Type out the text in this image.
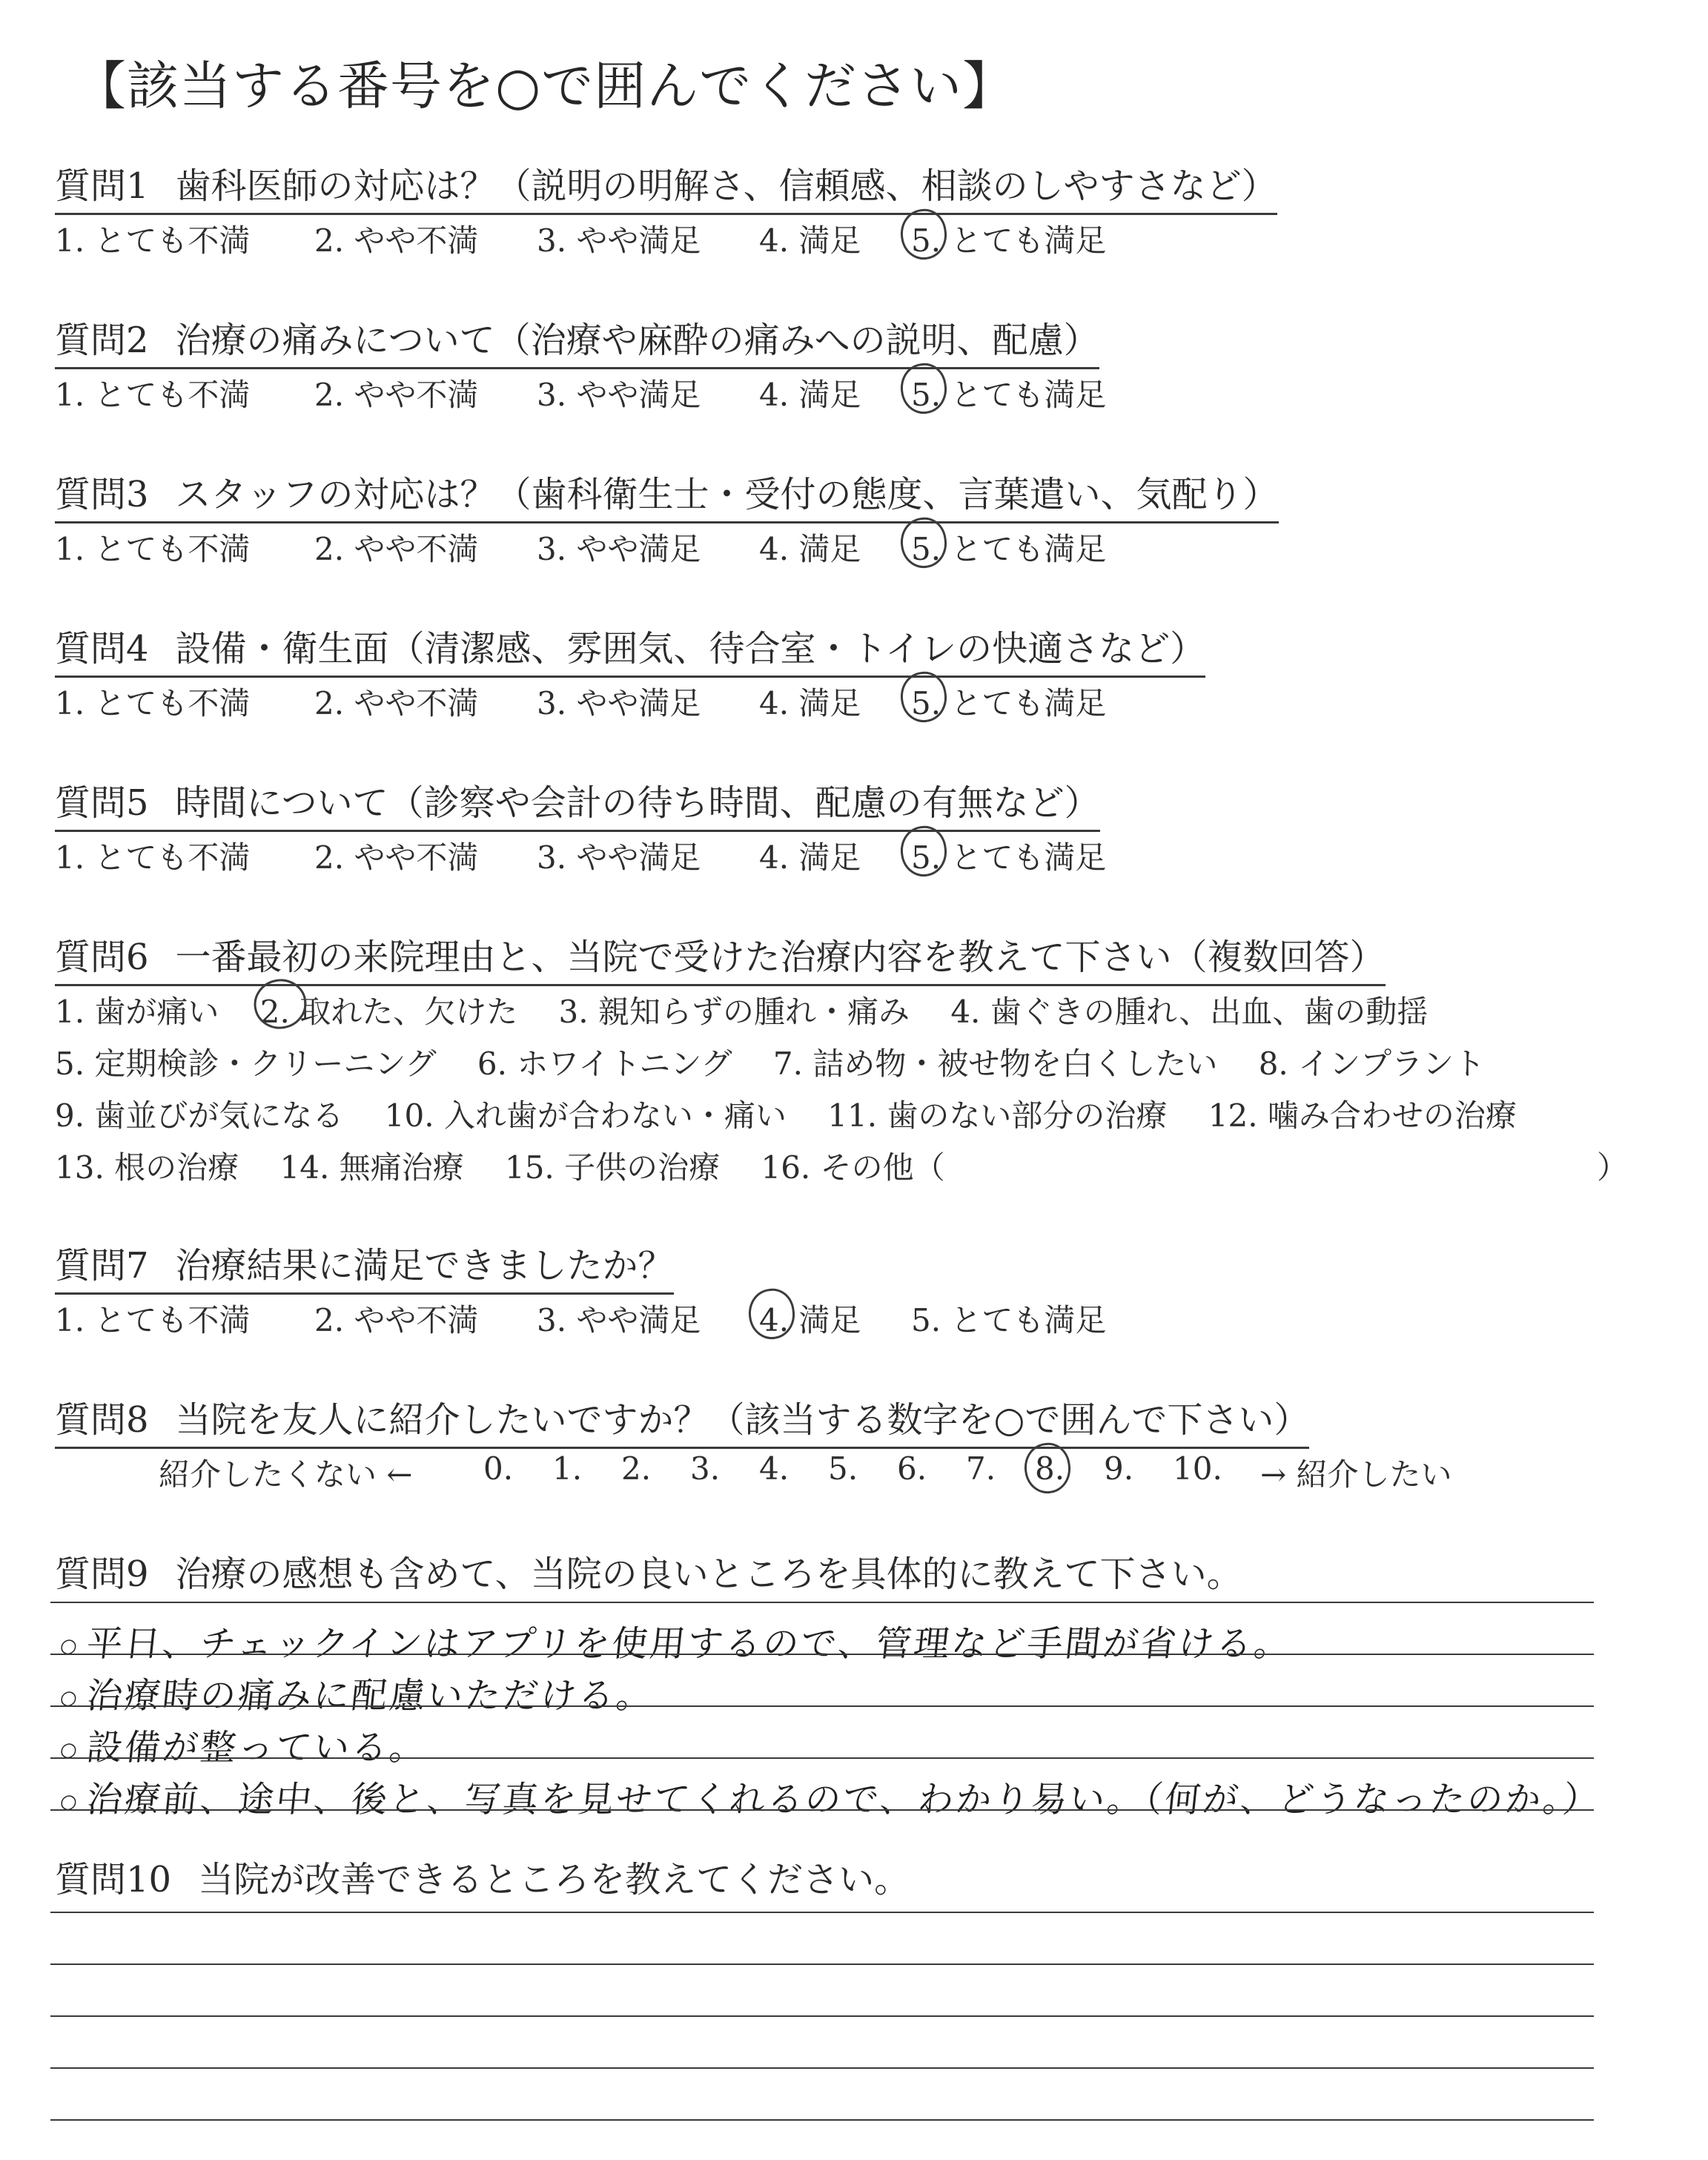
【該当する番号を○で囲んでください】
質問1 歯科医師の対応は？（説明の明解さ、信頼感、相談のしやすさなど）
1. とても不満 2. やや不満 3. やや満足 4. 満足 5. とても満足
質問2 治療の痛みについて（治療や麻酔の痛みへの説明、配慮）
1. とても不満 2. やや不満 3. やや満足 4. 満足 5. とても満足
質問3 スタッフの対応は？（歯科衛生士・受付の態度、言葉遣い、気配り）
1. とても不満 2. やや不満 3. やや満足 4. 満足 5. とても満足
質問4 設備・衛生面（清潔感、雰囲気、待合室・トイレの快適さなど）
1. とても不満 2. やや不満 3. やや満足 4. 満足 5. とても満足
質問5 時間について（診察や会計の待ち時間、配慮の有無など）
1. とても不満 2. やや不満 3. やや満足 4. 満足 5. とても満足
質問6 一番最初の来院理由と、当院で受けた治療内容を教えて下さい（複数回答）
1. 歯が痛い　 2. 取れた、欠けた　 3. 親知らずの腫れ・痛み　 4. 歯ぐきの腫れ、出血、歯の動揺
5. 定期検診・クリーニング　 6. ホワイトニング　 7. 詰め物・被せ物を白くしたい　 8. インプラント
9. 歯並びが気になる　 10. 入れ歯が合わない・痛い　 11. 歯のない部分の治療　 12. 噛み合わせの治療
13. 根の治療　 14. 無痛治療　 15. 子供の治療　 16. その他（	）
質問7 治療結果に満足できましたか？
1. とても不満 2. やや不満 3. やや満足 4. 満足 5. とても満足
質問8 当院を友人に紹介したいですか？（該当する数字を○で囲んで下さい）
紹介したくない ← 0. 1. 2. 3. 4. 5. 6. 7. 8. 9. 10. → 紹介したい
質問9 治療の感想も含めて、当院の良いところを具体的に教えて下さい。
○ 平日、チェックインはアプリを使用するので、管理など手間が省ける。
○ 治療時の痛みに配慮いただける。
○ 設備が整っている。
○ 治療前、途中、後と、写真を見せてくれるので、わかり易い。（何が、どうなったのか。）
質問10 当院が改善できるところを教えてください。
